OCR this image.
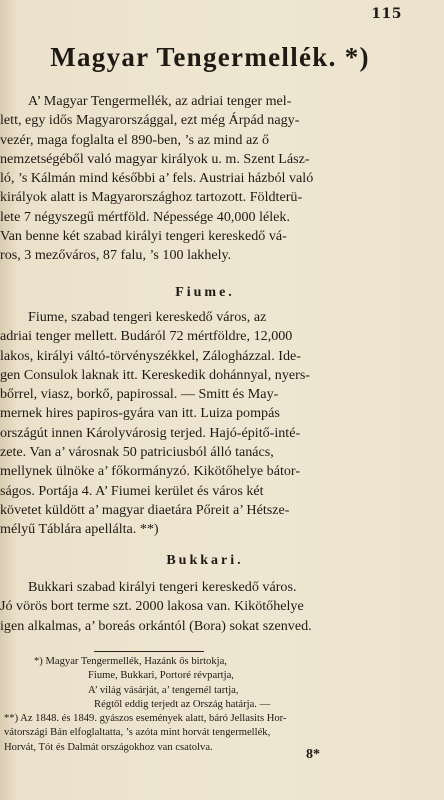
115
Magyar Tengermellék. *)

A’ Magyar Tengermellék, az adriai tenger mel-
lett, egy idős Magyarországgal, ezt még Árpád nagy-
vezér, maga foglalta el 890-ben, ’s az mind az ő
nemzetségéből való magyar királyok u. m. Szent Lász-
ló, ’s Kálmán mind későbbi a’ fels. Austriai házból való
királyok alatt is Magyarországhoz tartozott. Földterü-
lete 7 négyszegű mértföld. Népessége 40,000 lélek.
Van benne két szabad királyi tengeri kereskedő vá-
ros, 3 mezőváros, 87 falu, ’s 100 lakhely.

Fiume.

Fiume, szabad tengeri kereskedő város, az
adriai tenger mellett. Budáról 72 mértföldre, 12,000
lakos, királyi váltó-törvényszékkel, Zálogházzal. Ide-
gen Consulok laknak itt. Kereskedik dohánnyal, nyers-
bőrrel, viasz, borkő, papirossal. — Smitt és May-
mernek hires papiros-gyára van itt. Luiza pompás
országút innen Károlyvárosig terjed. Hajó-épitő-inté-
zete. Van a’ városnak 50 patriciusból álló tanács,
mellynek ülnöke a’ főkormányzó. Kikötőhelye bátor-
ságos. Portája 4. A’ Fiumei kerület és város két
követet küldött a’ magyar diaetára Pőreit a’ Hétsze-
mélyű Táblára apellálta. **)

Bukkari.

Bukkari szabad királyi tengeri kereskedő város.
Jó vörös bort terme szt. 2000 lakosa van. Kikötőhelye
igen alkalmas, a’ boreás orkántól (Bora) sokat szenved.

*) Magyar Tengermellék, Hazánk ős birtokja,
Fiume, Bukkari, Portoré révpartja,
A’ világ vásárját, a’ tengernél tartja,
Régtől eddig terjedt az Ország határja. —
**) Az 1848. és 1849. gyászos események alatt, báró Jellasits Hor-
vátországi Bán elfoglaltatta, ’s azóta mint horvát tengermellék,
Horvát, Tót és Dalmát országokhoz van csatolva.	8*
